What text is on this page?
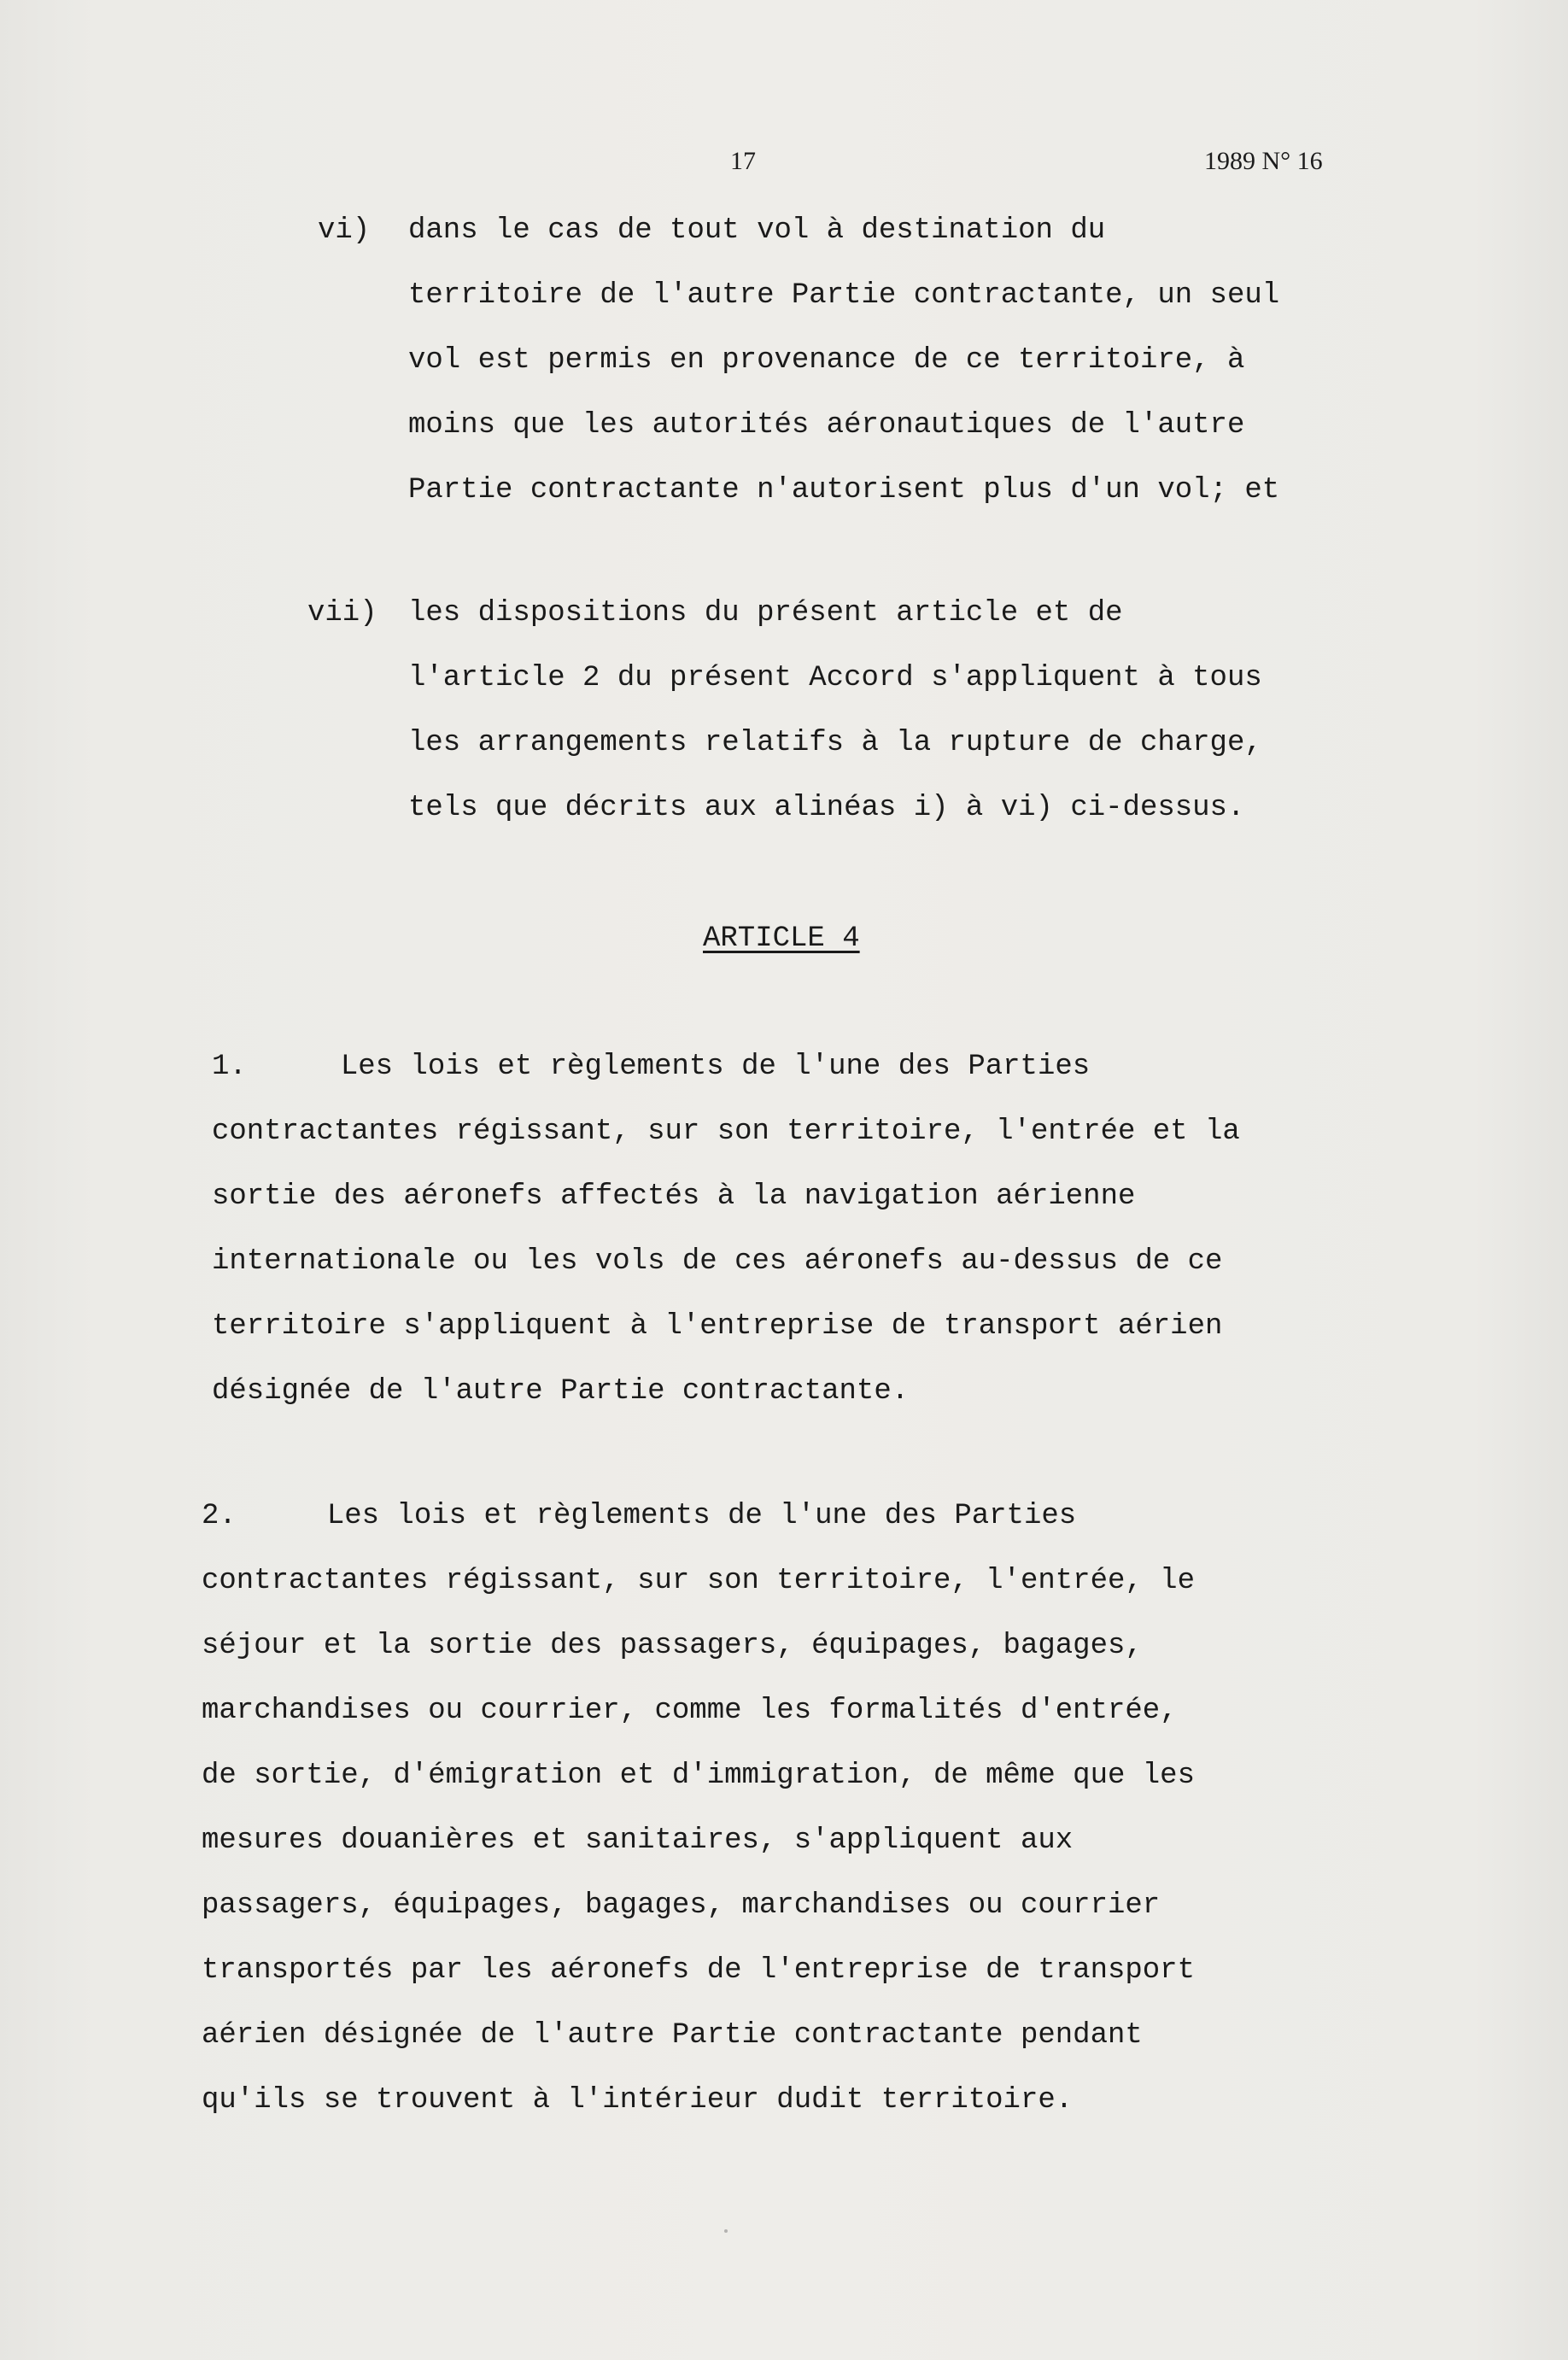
17	1989 N° 16
vi) dans le cas de tout vol à destination du
territoire de l'autre Partie contractante, un seul
vol est permis en provenance de ce territoire, à
moins que les autorités aéronautiques de l'autre
Partie contractante n'autorisent plus d'un vol; et
vii) les dispositions du présent article et de
l'article 2 du présent Accord s'appliquent à tous
les arrangements relatifs à la rupture de charge,
tels que décrits aux alinéas i) à vi) ci-dessus.
ARTICLE 4
1.	Les lois et règlements de l'une des Parties
contractantes régissant, sur son territoire, l'entrée et la
sortie des aéronefs affectés à la navigation aérienne
internationale ou les vols de ces aéronefs au-dessus de ce
territoire s'appliquent à l'entreprise de transport aérien
désignée de l'autre Partie contractante.
2.	Les lois et règlements de l'une des Parties
contractantes régissant, sur son territoire, l'entrée, le
séjour et la sortie des passagers, équipages, bagages,
marchandises ou courrier, comme les formalités d'entrée,
de sortie, d'émigration et d'immigration, de même que les
mesures douanières et sanitaires, s'appliquent aux
passagers, équipages, bagages, marchandises ou courrier
transportés par les aéronefs de l'entreprise de transport
aérien désignée de l'autre Partie contractante pendant
qu'ils se trouvent à l'intérieur dudit territoire.
